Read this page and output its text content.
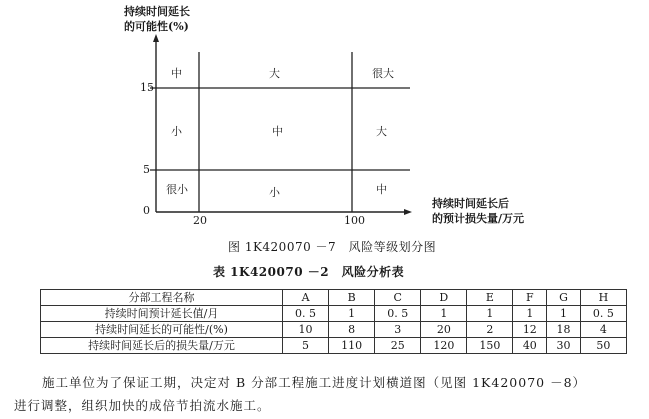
持续时间延长
的可能性(%)
15
5
0
20	100
中	大	很大
小	中	大
很小	小	中
持续时间延长后
的预计损失量/万元
图 1K420070 －7　风险等级划分图
表 1K420070 －2　风险分析表
分部工程名称	A	B	C	D	E	F	G	H
持续时间预计延长值/月	0. 5	1	0. 5	1	1	1	1	0. 5
持续时间延长的可能性/(%)	10	8	3	20	2	12	18	4
持续时间延长后的损失量/万元	5	110	25	120	150	40	30	50
施工单位为了保证工期，决定对 B 分部工程施工进度计划横道图（见图 1K420070 －8）
进行调整，组织加快的成倍节拍流水施工。
